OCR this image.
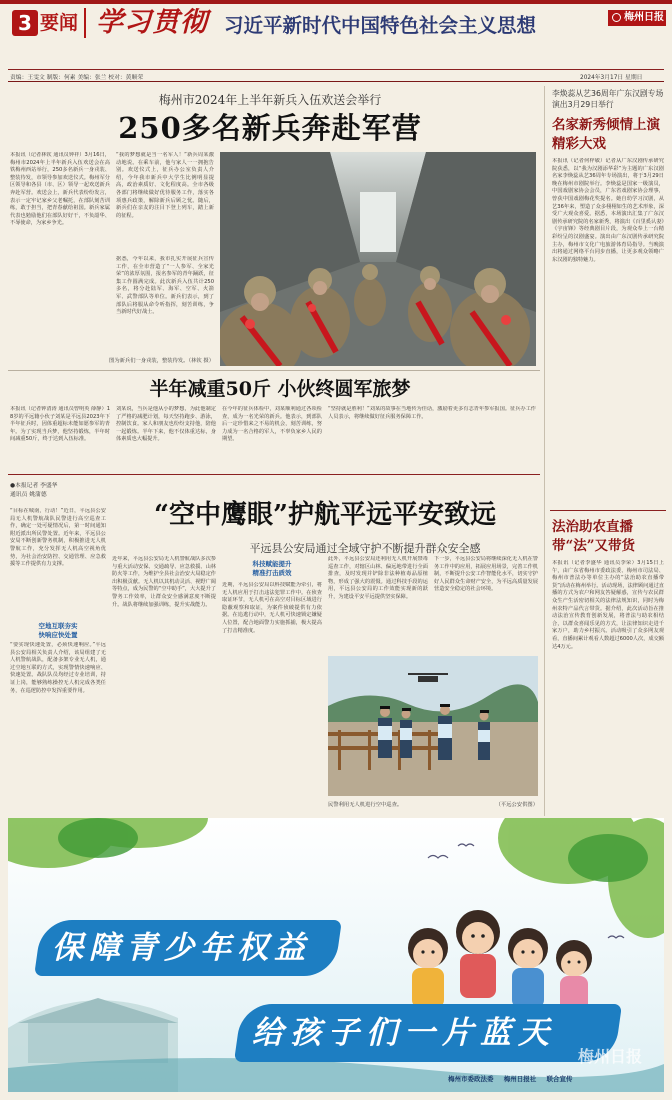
3 要闻 学习贯彻 习近平新时代中国特色社会主义思想	梅州日报
责编：王雯文 制版：何素 美编：张兰 校对：黄顺荣	2024年3月17日 星期日
梅州市2024年上半年新兵入伍欢送会举行
250多名新兵奔赴军营
本报讯（记者林钦 通讯员钟祥）3月16日，梅州市2024年上半年新兵入伍欢送会在高铁梅州西站举行，250多名新兵一身戎装、整装待发，市领导参加欢送仪式。梅州军分区领导和各县（市、区）领导一起欢送新兵奔赴军营。欢送会上，新兵代表纷纷发言，表示一定牢记家乡父老嘱托，在部队刻苦训练，敢于担当，把青春献给祖国。新兵家属代表也勉励他们在部队好好干，不负韶华、不辱使命，为家乡争光。
“我的梦想就是当一名军人！”新兵周某激动地说。在乘车前，他与家人一一拥抱告别。欢送仪式上，征兵办公室负责人介绍，今年我市新兵中大学生比例明显提高，政治素质好、文化程度高。全市各级各部门将继续做好优待服务工作，落实各项惠兵政策，解除新兵后顾之忧。随后，新兵们在亲友的注目下登上列车，踏上新的征程。
据悉，今年以来，我市扎实开展征兵宣传工作，在全市营造了“一人参军、全家光荣”的浓厚氛围，报名参军的青年踊跃，征集工作圆满完成。此次新兵入伍共计250多名，将分赴陆军、海军、空军、火箭军、武警部队等单位。新兵们表示，到了部队后将服从命令听指挥，刻苦训练，争当新时代好战士。
图为新兵们一身戎装，整装待发。（林钦 摄）
半年减重50斤 小伙终圆军旅梦
本报讯（记者钟清涛 通讯员曾明英 薛静）18岁的平远籍小伙子刘某是平远县2023年下半年征兵时，因体重超标未能如愿参军的青年。为了实现当兵梦，他坚持锻炼，半年时间减重50斤，终于达到入伍标准。
刘某说，当兵是他从小的梦想，为此他制定了严格的减肥计划，每天坚持跑步、游泳，控制饮食。家人和朋友也纷纷支持他，陪他一起锻炼。半年下来，他不仅体重达标，身体素质也大幅提升。
在今年的征兵体检中，刘某顺利通过各项检查，成为一名光荣的新兵。他表示，到部队后一定珍惜来之不易的机会，刻苦训练，努力成为一名合格的军人，不辜负家乡人民的期望。
“坚持就是胜利！”刘某的故事在当地传为佳话，激励着更多有志青年参军报国。征兵办工作人员表示，将继续做好征兵服务保障工作。
●本报记者 李盛华
通讯员 姚蒲德
“空中鹰眼”护航平远平安致远
平远县公安局通过全域守护不断提升群众安全感
“目标在城南，行动！”近日，平远县公安局无人机警航战队民警进行高空巡查工作，确定一处可疑情况后，第一时间通知附近派出所民警处置。近年来，平远县公安局不断创新警务机制，积极推进无人机警航工作，充分发挥无人机高空视角优势，为社会治安防控、交通管理、应急救援等工作提供有力支撑。
空地互联夯实
快响应快处置
“要实现快速处置，必须快速响应。”平远县公安局相关负责人介绍，该局组建了无人机警航战队，配备多架专业无人机，通过空地互联的方式，实现警情快速响应、快速处置。战队队员均经过专业培训，持证上岗，能够熟练操控无人机完成各类任务，在巡逻防控中发挥重要作用。
近年来，平远县公安局无人机警航战队多次参与重大活动安保、交通疏导、应急救援、山林防火等工作，为维护全县社会治安大局稳定作出积极贡献。无人机以其机动灵活、视野广阔等特点，成为民警的“空中助手”，大大提升了警务工作效率，让群众安全感满意度不断提升。战队将继续加强训练，提升实战能力。
科技赋能提升
精准打击质效
近期，平远县公安局以科技赋能为牵引，将无人机应用于打击违法犯罪工作中。在侦查取证环节，无人机可在高空对目标区域进行隐蔽观察和取证，为案件侦破提供有力依据。在追逃行动中，无人机可快速锁定嫌疑人位置，配合地面警力实施抓捕，极大提高了打击精准度。
此外，平远县公安局还利用无人机开展禁毒巡查工作，对辖区山林、偏远地带进行全面排查，及时发现并铲除非法种植毒品原植物，形成了强大的震慑。通过科技手段的运用，平远县公安局的工作效能实现新的跃升，为建设平安平远提供坚实保障。
下一步，平远县公安局将继续深化无人机在警务工作中的应用，拓展应用场景，完善工作机制，不断提升公安工作智能化水平，切实守护好人民群众生命财产安全，为平远高质量发展营造安全稳定的社会环境。
民警利用无人机进行空中巡查。	（平远公安供图）
李焕蕊从艺36周年广东汉剧专场演出3月29日举行
名家新秀倾情上演精彩大戏
本报讯（记者何梓敏）记者从广东汉剧传承研究院获悉，以“我为汉剧添华彩”为主题的广东汉剧名家李焕蕊从艺36周年专场演出，将于3月29日晚在梅州市剧院举行。李焕蕊是国家一级演员，中国戏剧家协会会员，广东省戏剧家协会理事，曾获中国戏剧梅花奖提名。她自幼学习汉剧，从艺36年来，塑造了众多栩栩如生的艺术形象，深受广大观众喜爱。据悉，本场演出汇集了广东汉剧传承研究院的名家新秀，将演出《百里奚认妻》《宇宙锋》等经典剧目片段，为观众奉上一台精彩纷呈的汉剧盛宴。演出由广东汉剧传承研究院主办，梅州市文化广电旅游体育局指导。当晚演出将通过网络平台同步直播，让更多观众领略广东汉剧的独特魅力。
法治助农直播带“法”又带货
本报讯（记者李盛华 通讯员李荣）3月15日上午，由广东省梅州市委政法委、梅州市司法局、梅州市普法办等单位主办的“法治助农直播带货”活动在梅州举行。活动现场，法律顾问通过直播的方式为农户和网友答疑解惑，宣传与农民群众生产生活密切相关的法律法规知识，同时为梅州农特产品代言带货。据介绍，此次活动旨在推动法治宣传教育创新发展，将普法与助农相结合，以群众喜闻乐见的方式，让法律知识走进千家万户，助力乡村振兴。活动吸引了众多网友观看，直播间累计观看人数超过6000人次，成交额达4万元。
保障青少年权益
给孩子们一片蓝天
梅州市委政法委 梅州日报社 联合宣传
梅州日报
